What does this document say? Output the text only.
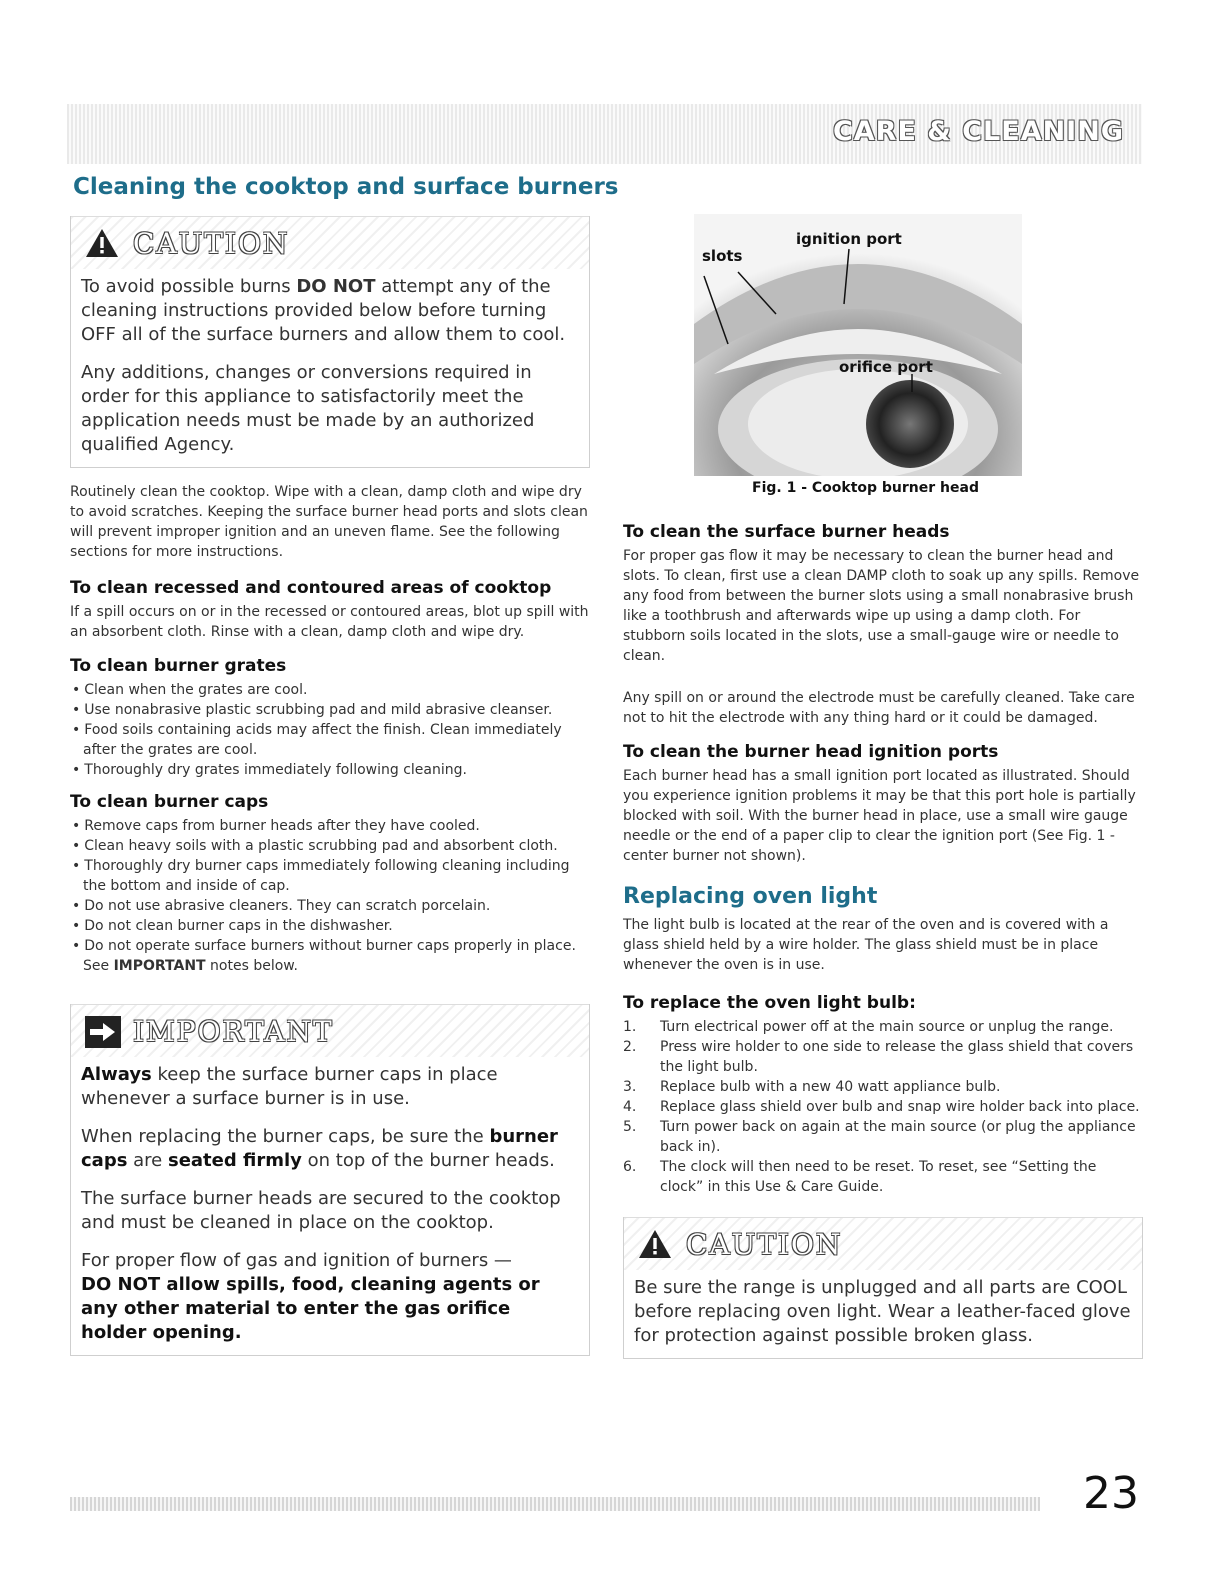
CARE & CLEANING
Cleaning the cooktop and surface burners
CAUTION

To avoid possible burns DO NOT attempt any of the cleaning instructions provided below before turning OFF all of the surface burners and allow them to cool.

Any additions, changes or conversions required in order for this appliance to satisfactorily meet the application needs must be made by an authorized qualified Agency.

Routinely clean the cooktop. Wipe with a clean, damp cloth and wipe dry to avoid scratches. Keeping the surface burner head ports and slots clean will prevent improper ignition and an uneven flame. See the following sections for more instructions.

To clean recessed and contoured areas of cooktop

If a spill occurs on or in the recessed or contoured areas, blot up spill with an absorbent cloth. Rinse with a clean, damp cloth and wipe dry.

To clean burner grates
• Clean when the grates are cool.
• Use nonabrasive plastic scrubbing pad and mild abrasive cleanser.
• Food soils containing acids may affect the finish. Clean immediately after the grates are cool.
• Thoroughly dry grates immediately following cleaning.
To clean burner caps
• Remove caps from burner heads after they have cooled.
• Clean heavy soils with a plastic scrubbing pad and absorbent cloth.
• Thoroughly dry burner caps immediately following cleaning including the bottom and inside of cap.
• Do not use abrasive cleaners. They can scratch porcelain.
• Do not clean burner caps in the dishwasher.
• Do not operate surface burners without burner caps properly in place. See IMPORTANT notes below.
IMPORTANT

Always keep the surface burner caps in place whenever a surface burner is in use.

When replacing the burner caps, be sure the burner caps are seated firmly on top of the burner heads.

The surface burner heads are secured to the cooktop and must be cleaned in place on the cooktop.

For proper flow of gas and ignition of burners —
DO NOT allow spills, food, cleaning agents or any other material to enter the gas orifice holder opening.

slots
ignition port
orifice port
Fig. 1 - Cooktop burner head
To clean the surface burner heads

For proper gas flow it may be necessary to clean the burner head and slots. To clean, first use a clean DAMP cloth to soak up any spills. Remove any food from between the burner slots using a small nonabrasive brush like a toothbrush and afterwards wipe up using a damp cloth. For stubborn soils located in the slots, use a small-gauge wire or needle to clean.

Any spill on or around the electrode must be carefully cleaned. Take care not to hit the electrode with any thing hard or it could be damaged.

To clean the burner head ignition ports

Each burner head has a small ignition port located as illustrated. Should you experience ignition problems it may be that this port hole is partially blocked with soil. With the burner head in place, use a small wire gauge needle or the end of a paper clip to clear the ignition port (See Fig. 1 - center burner not shown).

Replacing oven light

The light bulb is located at the rear of the oven and is covered with a glass shield held by a wire holder. The glass shield must be in place whenever the oven is in use.

To replace the oven light bulb:
1.	Turn electrical power off at the main source or unplug the range.
2.	Press wire holder to one side to release the glass shield that covers the light bulb.
3.	Replace bulb with a new 40 watt appliance bulb.
4.	Replace glass shield over bulb and snap wire holder back into place.
5.	Turn power back on again at the main source (or plug the appliance back in).
6.	The clock will then need to be reset. To reset, see “Setting the clock” in this Use & Care Guide.
CAUTION

Be sure the range is unplugged and all parts are COOL before replacing oven light. Wear a leather-faced glove for protection against possible broken glass.

23
